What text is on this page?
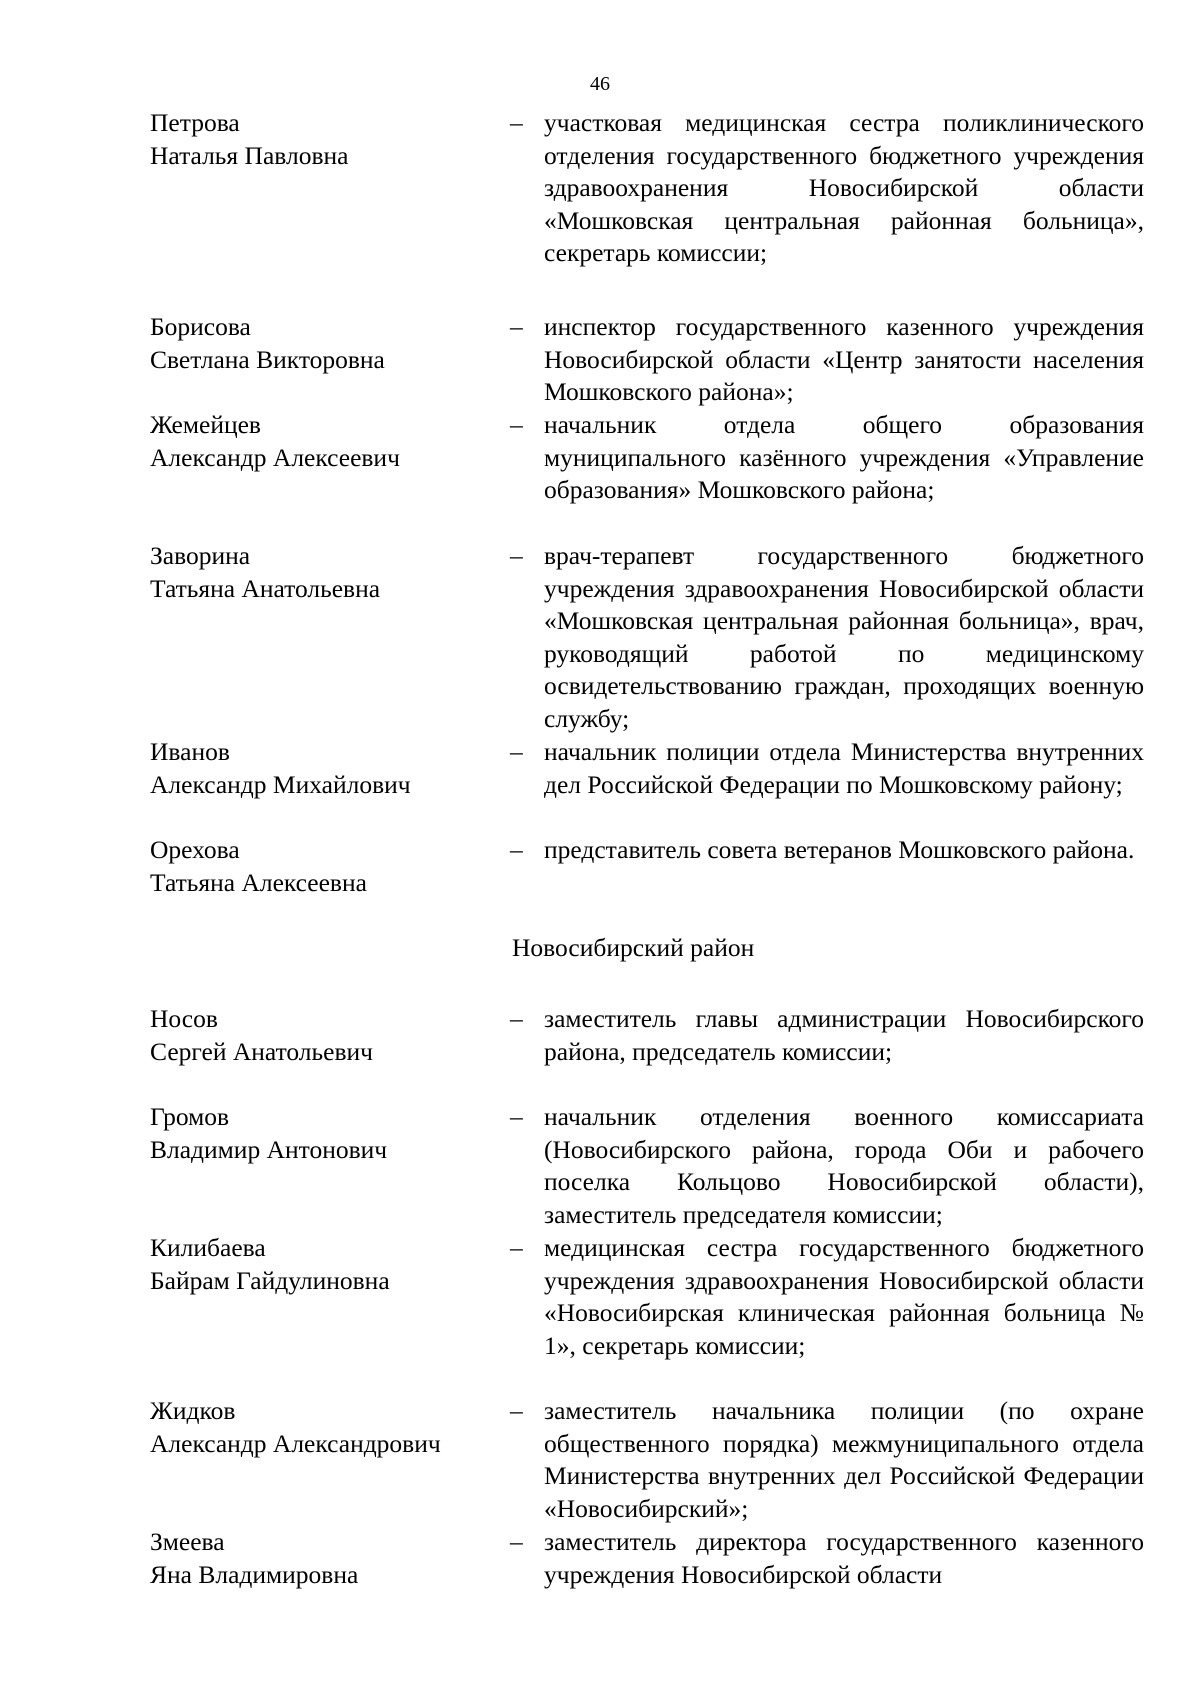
46
Петрова
Наталья Павловна
– участковая медицинская сестра поликлинического отделения государственного бюджетного учреждения здравоохранения Новосибирской области «Мошковская центральная районная больница», секретарь комиссии;
Борисова
Светлана Викторовна
– инспектор государственного казенного учреждения Новосибирской области «Центр занятости населения Мошковского района»;
Жемейцев
Александр Алексеевич
– начальник отдела общего образования муниципального казённого учреждения «Управление образования» Мошковского района;
Заворина
Татьяна Анатольевна
– врач-терапевт государственного бюджетного учреждения здравоохранения Новосибирской области «Мошковская центральная районная больница», врач, руководящий работой по медицинскому освидетельствованию граждан, проходящих военную службу;
Иванов
Александр Михайлович
– начальник полиции отдела Министерства внутренних дел Российской Федерации по Мошковскому району;
Орехова
Татьяна Алексеевна
– представитель совета ветеранов Мошковского района.
Новосибирский район
Носов
Сергей Анатольевич
– заместитель главы администрации Новосибирского района, председатель комиссии;
Громов
Владимир Антонович
– начальник отделения военного комиссариата (Новосибирского района, города Оби и рабочего поселка Кольцово Новосибирской области), заместитель председателя комиссии;
Килибаева
Байрам Гайдулиновна
– медицинская сестра государственного бюджетного учреждения здравоохранения Новосибирской области «Новосибирская клиническая районная больница № 1», секретарь комиссии;
Жидков
Александр Александрович
– заместитель начальника полиции (по охране общественного порядка) межмуниципального отдела Министерства внутренних дел Российской Федерации «Новосибирский»;
Змеева
Яна Владимировна
– заместитель директора государственного казенного учреждения Новосибирской области
